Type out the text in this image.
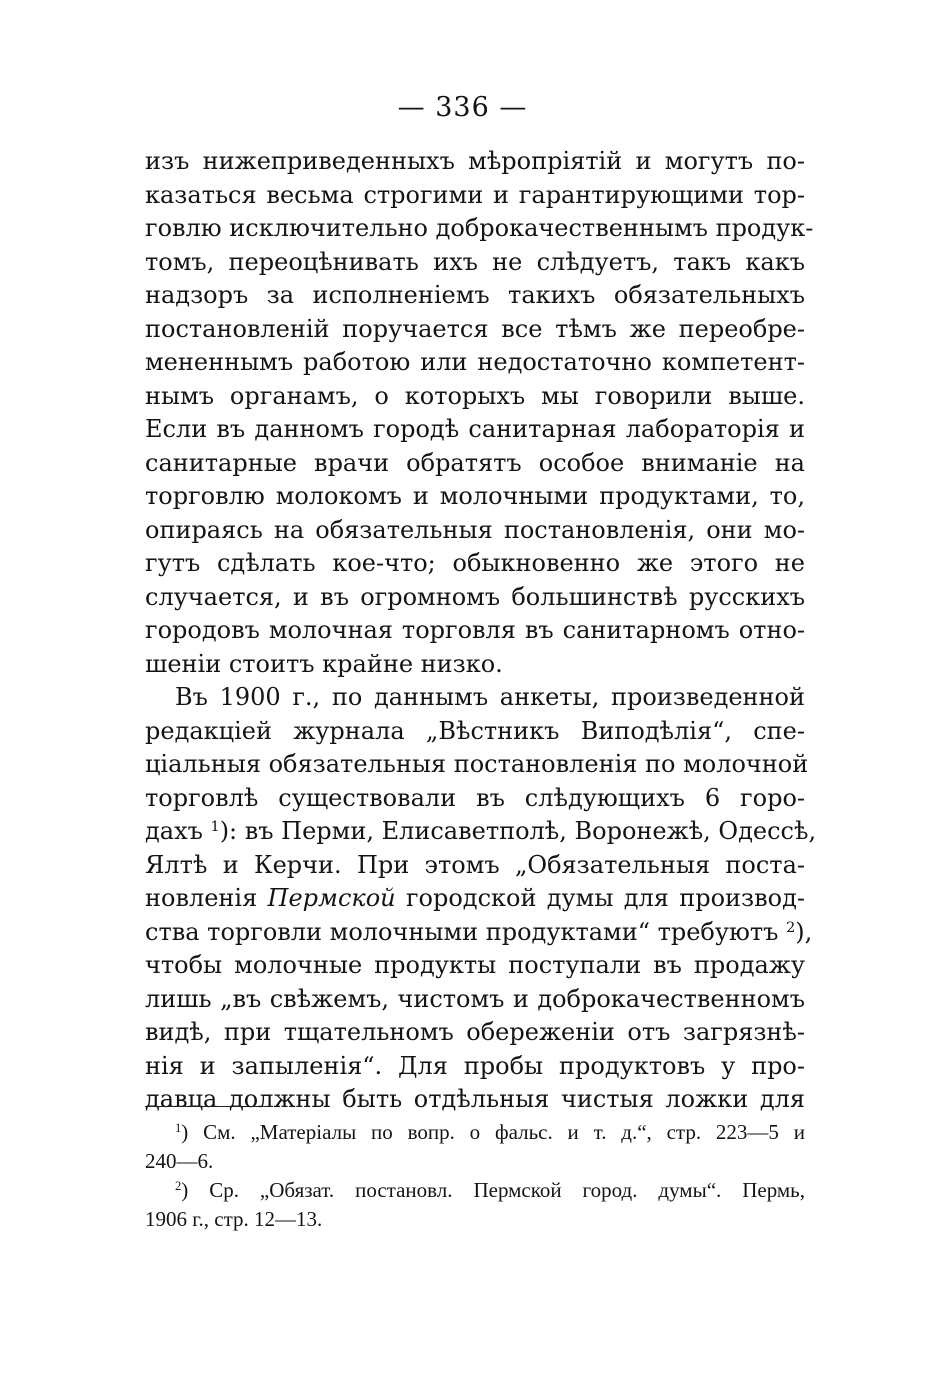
— 336 —
изъ нижеприведенныхъ мѣропріятій и могутъ по-
казаться весьма строгими и гарантирующими тор-
говлю исключительно доброкачественнымъ продук-
томъ, переоцѣнивать ихъ не слѣдуетъ, такъ какъ
надзоръ за исполненіемъ такихъ обязательныхъ
постановленій поручается все тѣмъ же переобре-
мененнымъ работою или недостаточно компетент-
нымъ органамъ, о которыхъ мы говорили выше.
Если въ данномъ городѣ санитарная лабораторія и
санитарные врачи обратятъ особое вниманіе на
торговлю молокомъ и молочными продуктами, то,
опираясь на обязательныя постановленія, они мо-
гутъ сдѣлать кое-что; обыкновенно же этого не
случается, и въ огромномъ большинствѣ русскихъ
городовъ молочная торговля въ санитарномъ отно-
шеніи стоитъ крайне низко.
Въ 1900 г., по даннымъ анкеты, произведенной
редакціей журнала „Вѣстникъ Виподѣлія“, спе-
ціальныя обязательныя постановленія по молочной
торговлѣ существовали въ слѣдующихъ 6 горо-
дахъ $^1$): въ Перми, Елисаветполѣ, Воронежѣ, Одессѣ,
Ялтѣ и Керчи. При этомъ „Обязательныя поста-
новленія Пермской городской думы для производ-
ства торговли молочными продуктами“ требуютъ $^2$),
чтобы молочные продукты поступали въ продажу
лишь „въ свѣжемъ, чистомъ и доброкачественномъ
видѣ, при тщательномъ обереженіи отъ загрязнѣ-
нія и запыленія“. Для пробы продуктовъ у про-
давца должны быть отдѣльныя чистыя ложки для
$^1$) См. „Матеріалы по вопр. о фальс. и т. д.“, стр. 223—5 и
240—6.
$^2$) Ср. „Обязат. постановл. Пермской город. думы“. Пермь,
1906 г., стр. 12—13.
